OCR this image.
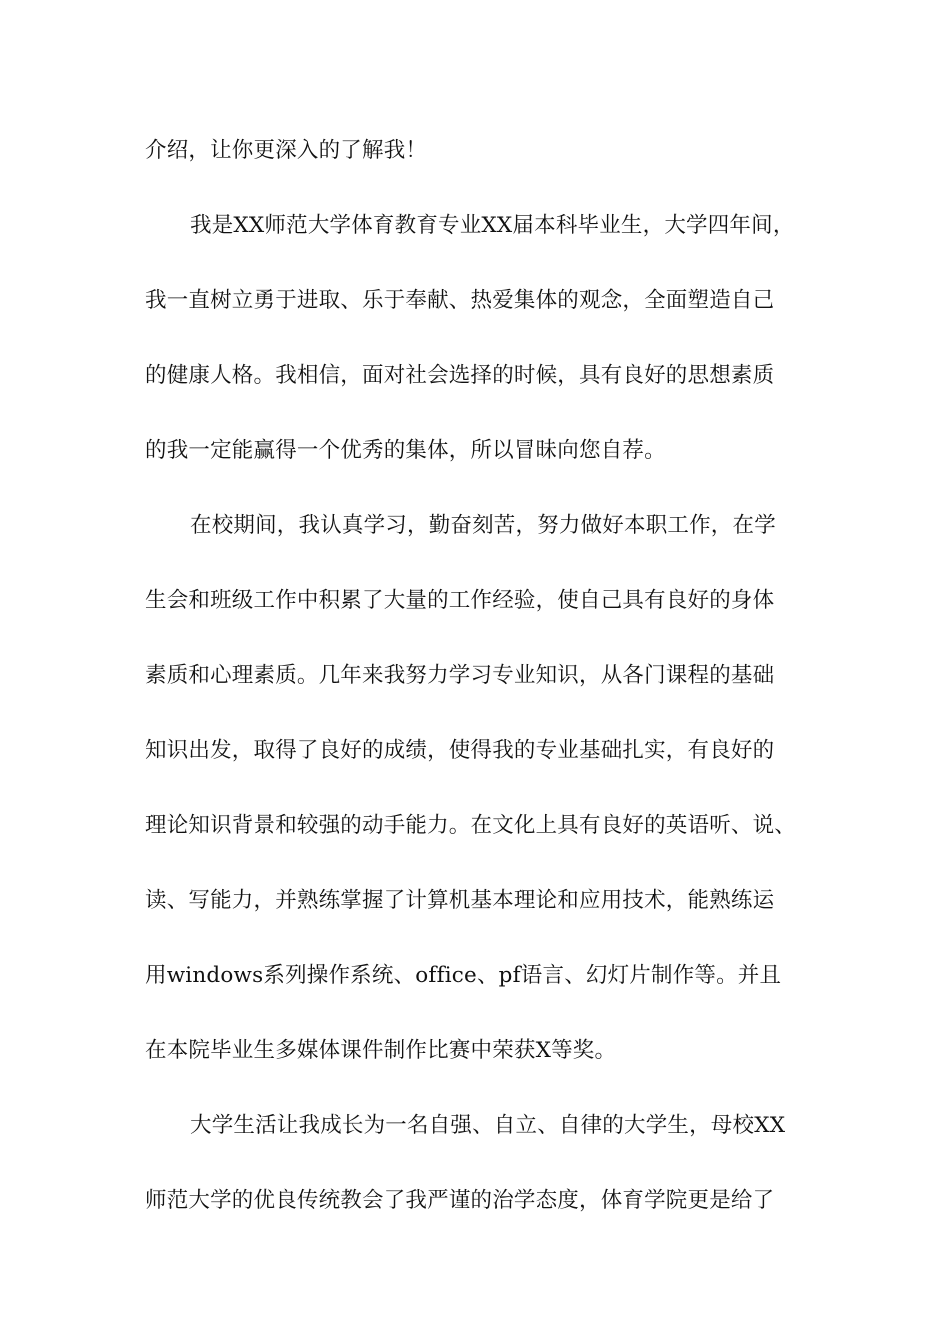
介绍，让你更深入的了解我！
我是XX师范大学体育教育专业XX届本科毕业生，大学四年间，
我一直树立勇于进取、乐于奉献、热爱集体的观念，全面塑造自己
的健康人格。我相信，面对社会选择的时候，具有良好的思想素质
的我一定能赢得一个优秀的集体，所以冒昧向您自荐。
在校期间，我认真学习，勤奋刻苦，努力做好本职工作，在学
生会和班级工作中积累了大量的工作经验，使自己具有良好的身体
素质和心理素质。几年来我努力学习专业知识，从各门课程的基础
知识出发，取得了良好的成绩，使得我的专业基础扎实，有良好的
理论知识背景和较强的动手能力。在文化上具有良好的英语听、说、
读、写能力，并熟练掌握了计算机基本理论和应用技术，能熟练运
用windows系列操作系统、office、pf语言、幻灯片制作等。并且
在本院毕业生多媒体课件制作比赛中荣获X等奖。
大学生活让我成长为一名自强、自立、自律的大学生，母校XX
师范大学的优良传统教会了我严谨的治学态度，体育学院更是给了
